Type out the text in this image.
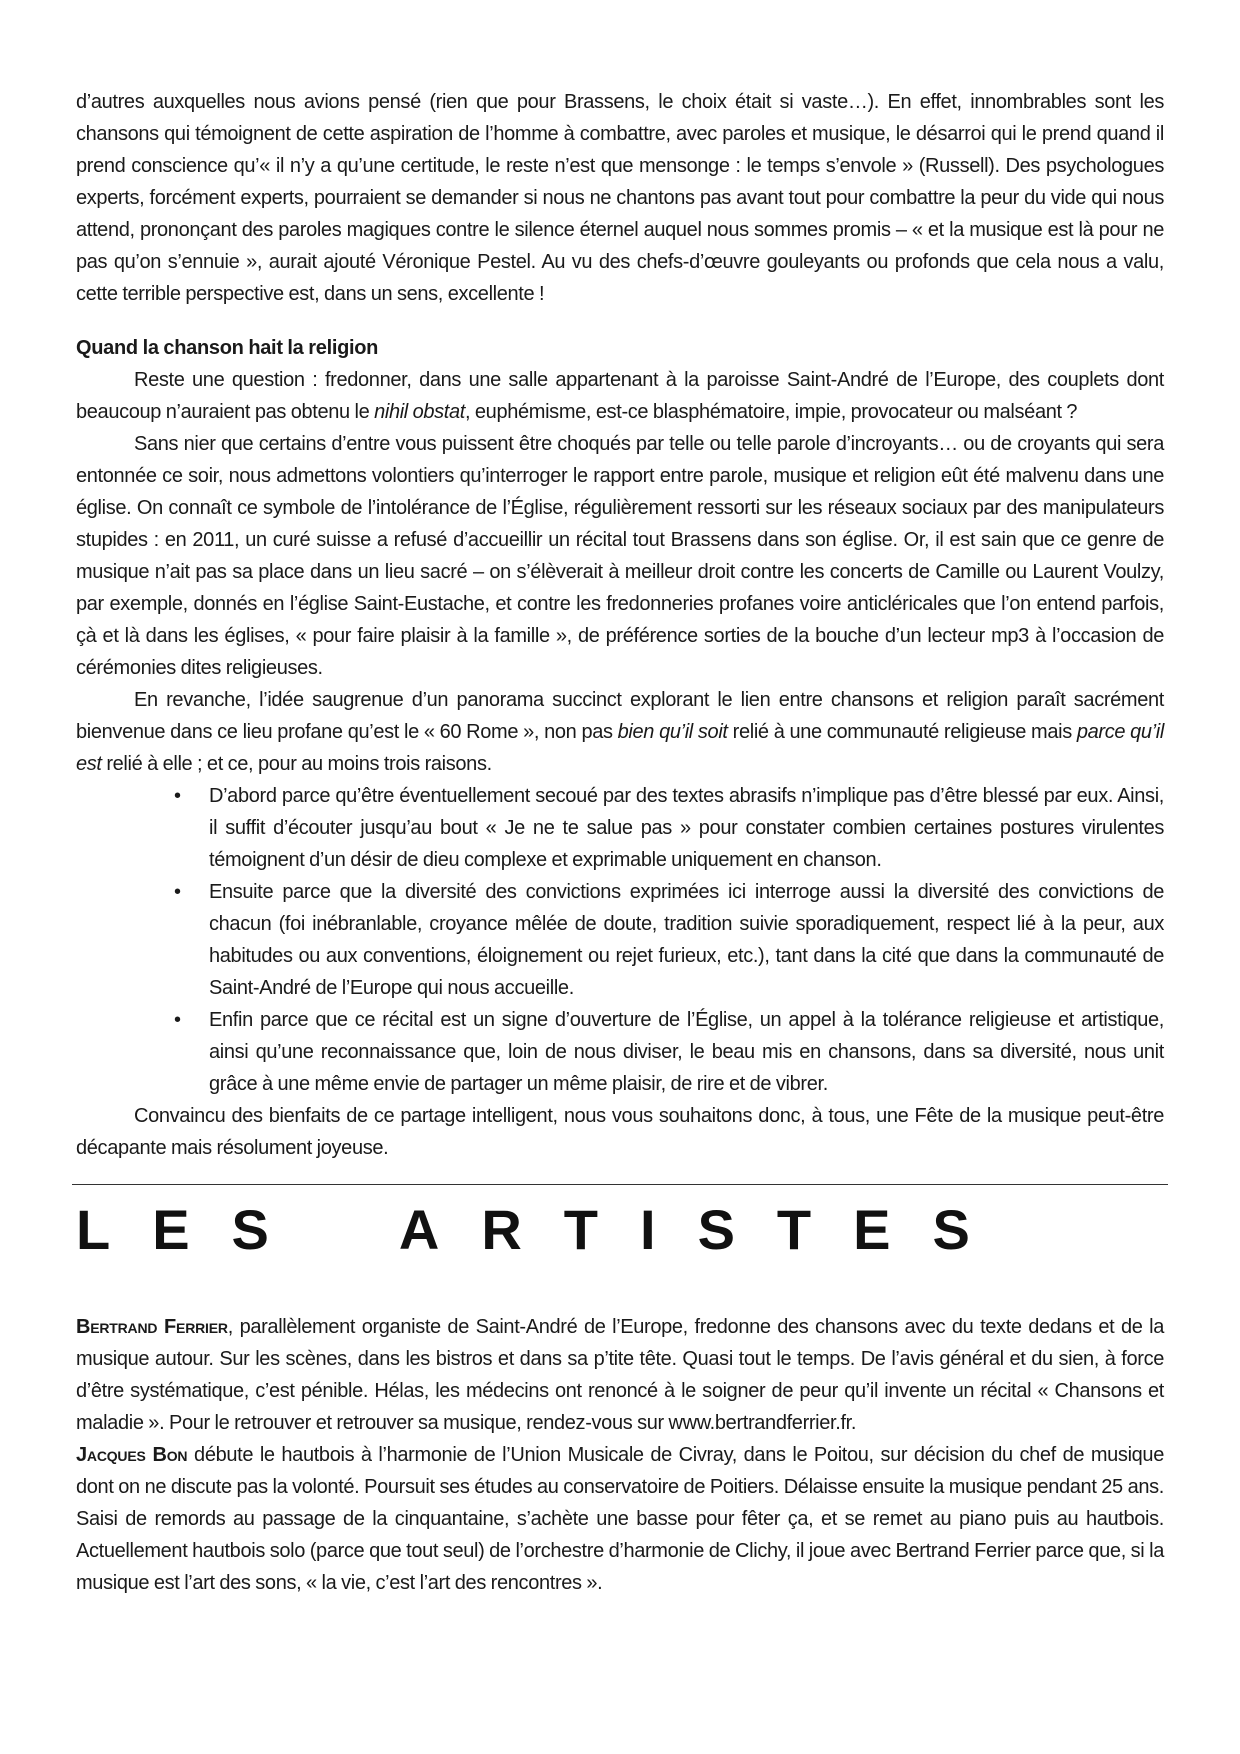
d’autres auxquelles nous avions pensé (rien que pour Brassens, le choix était si vaste…). En effet, innombrables sont les chansons qui témoignent de cette aspiration de l’homme à combattre, avec paroles et musique, le désarroi qui le prend quand il prend conscience qu’« il n’y a qu’une certitude, le reste n’est que mensonge : le temps s’envole » (Russell). Des psychologues experts, forcément experts, pourraient se demander si nous ne chantons pas avant tout pour combattre la peur du vide qui nous attend, prononçant des paroles magiques contre le silence éternel auquel nous sommes promis – « et la musique est là pour ne pas qu’on s’ennuie », aurait ajouté Véronique Pestel. Au vu des chefs-d’œuvre gouleyants ou profonds que cela nous a valu, cette terrible perspective est, dans un sens, excellente !

Quand la chanson hait la religion

Reste une question : fredonner, dans une salle appartenant à la paroisse Saint-André de l’Europe, des couplets dont beaucoup n’auraient pas obtenu le nihil obstat, euphémisme, est-ce blasphématoire, impie, provocateur ou malséant ?

Sans nier que certains d’entre vous puissent être choqués par telle ou telle parole d’incroyants… ou de croyants qui sera entonnée ce soir, nous admettons volontiers qu’interroger le rapport entre parole, musique et religion eût été malvenu dans une église. On connaît ce symbole de l’intolérance de l’Église, régulièrement ressorti sur les réseaux sociaux par des manipulateurs stupides : en 2011, un curé suisse a refusé d’accueillir un récital tout Brassens dans son église. Or, il est sain que ce genre de musique n’ait pas sa place dans un lieu sacré – on s’élèverait à meilleur droit contre les concerts de Camille ou Laurent Voulzy, par exemple, donnés en l’église Saint-Eustache, et contre les fredonneries profanes voire anticléricales que l’on entend parfois, çà et là dans les églises, « pour faire plaisir à la famille », de préférence sorties de la bouche d’un lecteur mp3 à l’occasion de cérémonies dites religieuses.

En revanche, l’idée saugrenue d’un panorama succinct explorant le lien entre chansons et religion paraît sacrément bienvenue dans ce lieu profane qu’est le « 60 Rome », non pas bien qu’il soit relié à une communauté religieuse mais parce qu’il est relié à elle ; et ce, pour au moins trois raisons.

• D’abord parce qu’être éventuellement secoué par des textes abrasifs n’implique pas d’être blessé par eux. Ainsi, il suffit d’écouter jusqu’au bout « Je ne te salue pas » pour constater combien certaines postures virulentes témoignent d’un désir de dieu complexe et exprimable uniquement en chanson.
• Ensuite parce que la diversité des convictions exprimées ici interroge aussi la diversité des convictions de chacun (foi inébranlable, croyance mêlée de doute, tradition suivie sporadiquement, respect lié à la peur, aux habitudes ou aux conventions, éloignement ou rejet furieux, etc.), tant dans la cité que dans la communauté de Saint-André de l’Europe qui nous accueille.
• Enfin parce que ce récital est un signe d’ouverture de l’Église, un appel à la tolérance religieuse et artistique, ainsi qu’une reconnaissance que, loin de nous diviser, le beau mis en chansons, dans sa diversité, nous unit grâce à une même envie de partager un même plaisir, de rire et de vibrer.

Convaincu des bienfaits de ce partage intelligent, nous vous souhaitons donc, à tous, une Fête de la musique peut-être décapante mais résolument joyeuse.

LES ARTISTES

Bertrand Ferrier, parallèlement organiste de Saint-André de l’Europe, fredonne des chansons avec du texte dedans et de la musique autour. Sur les scènes, dans les bistros et dans sa p’tite tête. Quasi tout le temps. De l’avis général et du sien, à force d’être systématique, c’est pénible. Hélas, les médecins ont renoncé à le soigner de peur qu’il invente un récital « Chansons et maladie ». Pour le retrouver et retrouver sa musique, rendez-vous sur www.bertrandferrier.fr.

Jacques Bon débute le hautbois à l’harmonie de l’Union Musicale de Civray, dans le Poitou, sur décision du chef de musique dont on ne discute pas la volonté. Poursuit ses études au conservatoire de Poitiers. Délaisse ensuite la musique pendant 25 ans. Saisi de remords au passage de la cinquantaine, s’achète une basse pour fêter ça, et se remet au piano puis au hautbois. Actuellement hautbois solo (parce que tout seul) de l’orchestre d’harmonie de Clichy, il joue avec Bertrand Ferrier parce que, si la musique est l’art des sons, « la vie, c’est l’art des rencontres ».
